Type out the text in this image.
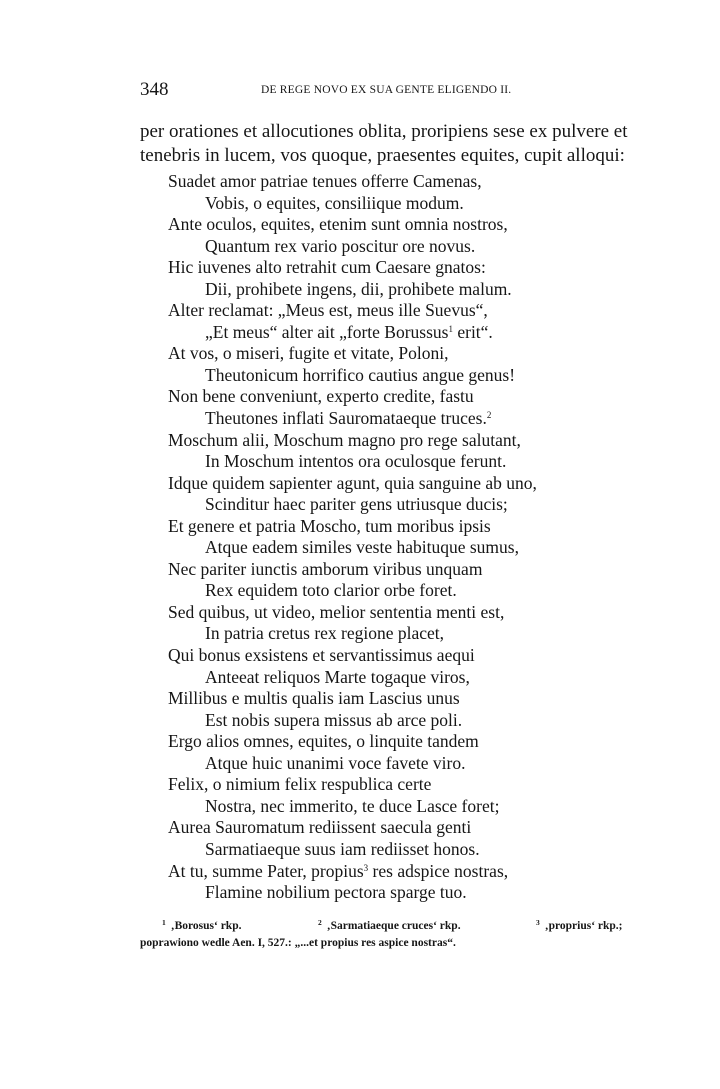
348	DE REGE NOVO EX SUA GENTE ELIGENDO II.
per orationes et allocutiones oblita, proripiens sese ex pulvere et
tenebris in lucem, vos quoque, praesentes equites, cupit alloqui:
Suadet amor patriae tenues offerre Camenas,
Vobis, o equites, consiliique modum.
Ante oculos, equites, etenim sunt omnia nostros,
Quantum rex vario poscitur ore novus.
Hic iuvenes alto retrahit cum Caesare gnatos:
Dii, prohibete ingens, dii, prohibete malum.
Alter reclamat: „Meus est, meus ille Suevus“,
„Et meus“ alter ait „forte Borussus$^1$ erit“.
At vos, o miseri, fugite et vitate, Poloni,
Theutonicum horrifico cautius angue genus!
Non bene conveniunt, experto credite, fastu
Theutones inflati Sauromataeque truces.$^2$
Moschum alii, Moschum magno pro rege salutant,
In Moschum intentos ora oculosque ferunt.
Idque quidem sapienter agunt, quia sanguine ab uno,
Scinditur haec pariter gens utriusque ducis;
Et genere et patria Moscho, tum moribus ipsis
Atque eadem similes veste habituque sumus,
Nec pariter iunctis amborum viribus unquam
Rex equidem toto clarior orbe foret.
Sed quibus, ut video, melior sententia menti est,
In patria cretus rex regione placet,
Qui bonus exsistens et servantissimus aequi
Anteeat reliquos Marte togaque viros,
Millibus e multis qualis iam Lascius unus
Est nobis supera missus ab arce poli.
Ergo alios omnes, equites, o linquite tandem
Atque huic unanimi voce favete viro.
Felix, o nimium felix respublica certe
Nostra, nec immerito, te duce Lasce foret;
Aurea Sauromatum rediissent saecula genti
Sarmatiaeque suus iam rediisset honos.
At tu, summe Pater, propius$^3$ res adspice nostras,
Flamine nobilium pectora sparge tuo.
$^1$ ‚Borosus‘ rkp.	$^2$ ‚Sarmatiaeque cruces‘ rkp.	$^3$ ‚proprius‘ rkp.;
poprawiono wedle Aen. I, 527.: „...et propius res aspice nostras“.
